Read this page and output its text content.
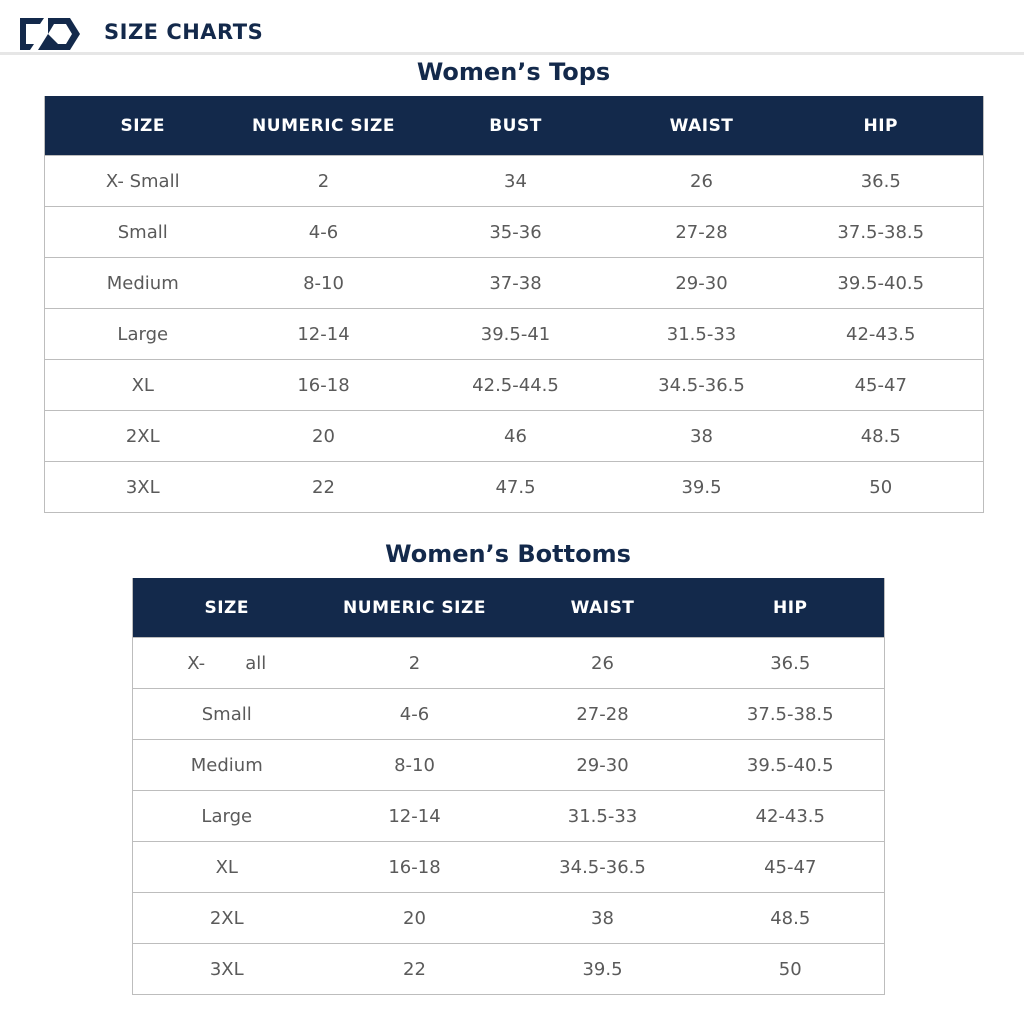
SIZE CHARTS
Women’s Tops
SIZE	NUMERIC SIZE	BUST	WAIST	HIP
X- Small	2	34	26	36.5
Small	4-6	35-36	27-28	37.5-38.5
Medium	8-10	37-38	29-30	39.5-40.5
Large	12-14	39.5-41	31.5-33	42-43.5
XL	16-18	42.5-44.5	34.5-36.5	45-47
2XL	20	46	38	48.5
3XL	22	47.5	39.5	50
Women’s Bottoms
SIZE	NUMERIC SIZE	WAIST	HIP
X-       all	2	26	36.5
Small	4-6	27-28	37.5-38.5
Medium	8-10	29-30	39.5-40.5
Large	12-14	31.5-33	42-43.5
XL	16-18	34.5-36.5	45-47
2XL	20	38	48.5
3XL	22	39.5	50
